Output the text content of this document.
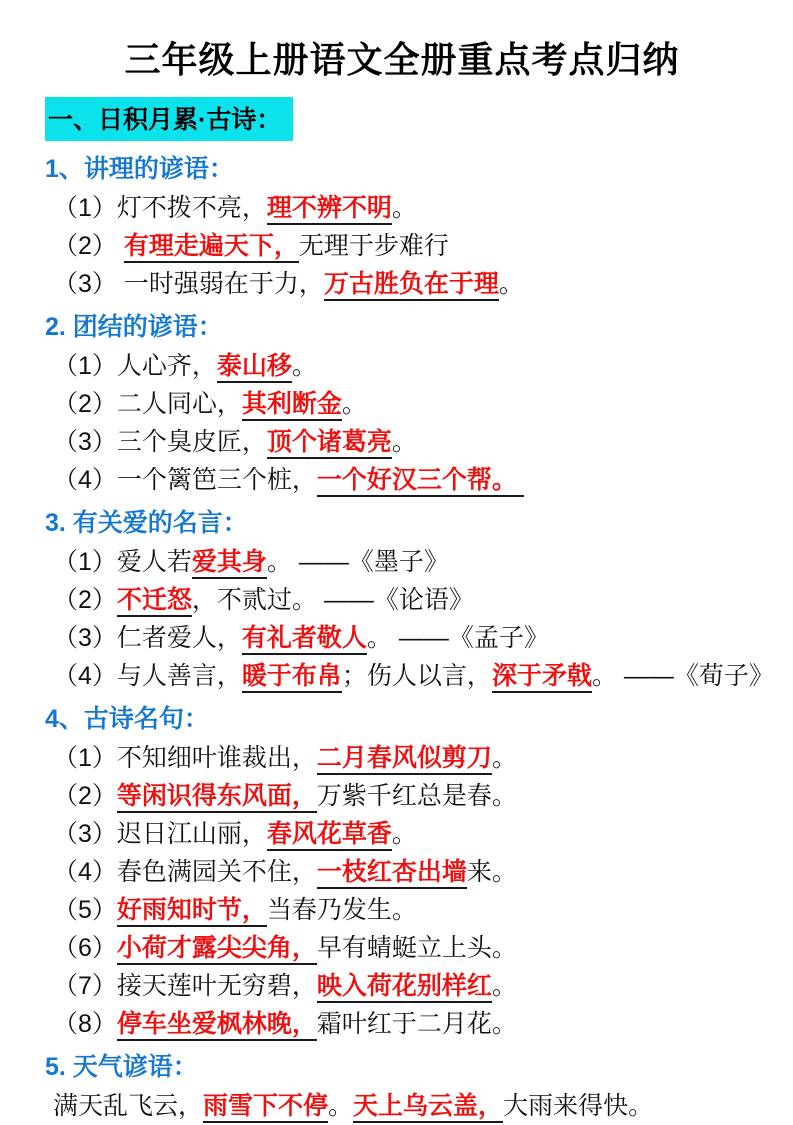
三年级上册语文全册重点考点归纳
一、日积月累·古诗：
1、讲理的谚语：
（1）灯不拨不亮，理不辨不明。
（2） 有理走遍天下，无理于步难行
（3） 一时强弱在于力，万古胜负在于理。
2. 团结的谚语：
（1）人心齐，泰山移。
（2）二人同心，其利断金。
（3）三个臭皮匠，顶个诸葛亮。
（4）一个篱笆三个桩，一个好汉三个帮。
3. 有关爱的名言：
（1）爱人若爱其身。 ——《墨子》
（2）不迁怒，不贰过。 ——《论语》
（3）仁者爱人，有礼者敬人。 ——《孟子》
（4）与人善言，暖于布帛；伤人以言，深于矛戟。 ——《荀子》
4、古诗名句：
（1）不知细叶谁裁出，二月春风似剪刀。
（2）等闲识得东风面，万紫千红总是春。
（3）迟日江山丽，春风花草香。
（4）春色满园关不住，一枝红杏出墙来。
（5）好雨知时节，当春乃发生。
（6）小荷才露尖尖角，早有蜻蜓立上头。
（7）接天莲叶无穷碧，映入荷花别样红。
（8）停车坐爱枫林晚，霜叶红于二月花。
5. 天气谚语：
满天乱飞云，雨雪下不停。天上乌云盖，大雨来得快。
